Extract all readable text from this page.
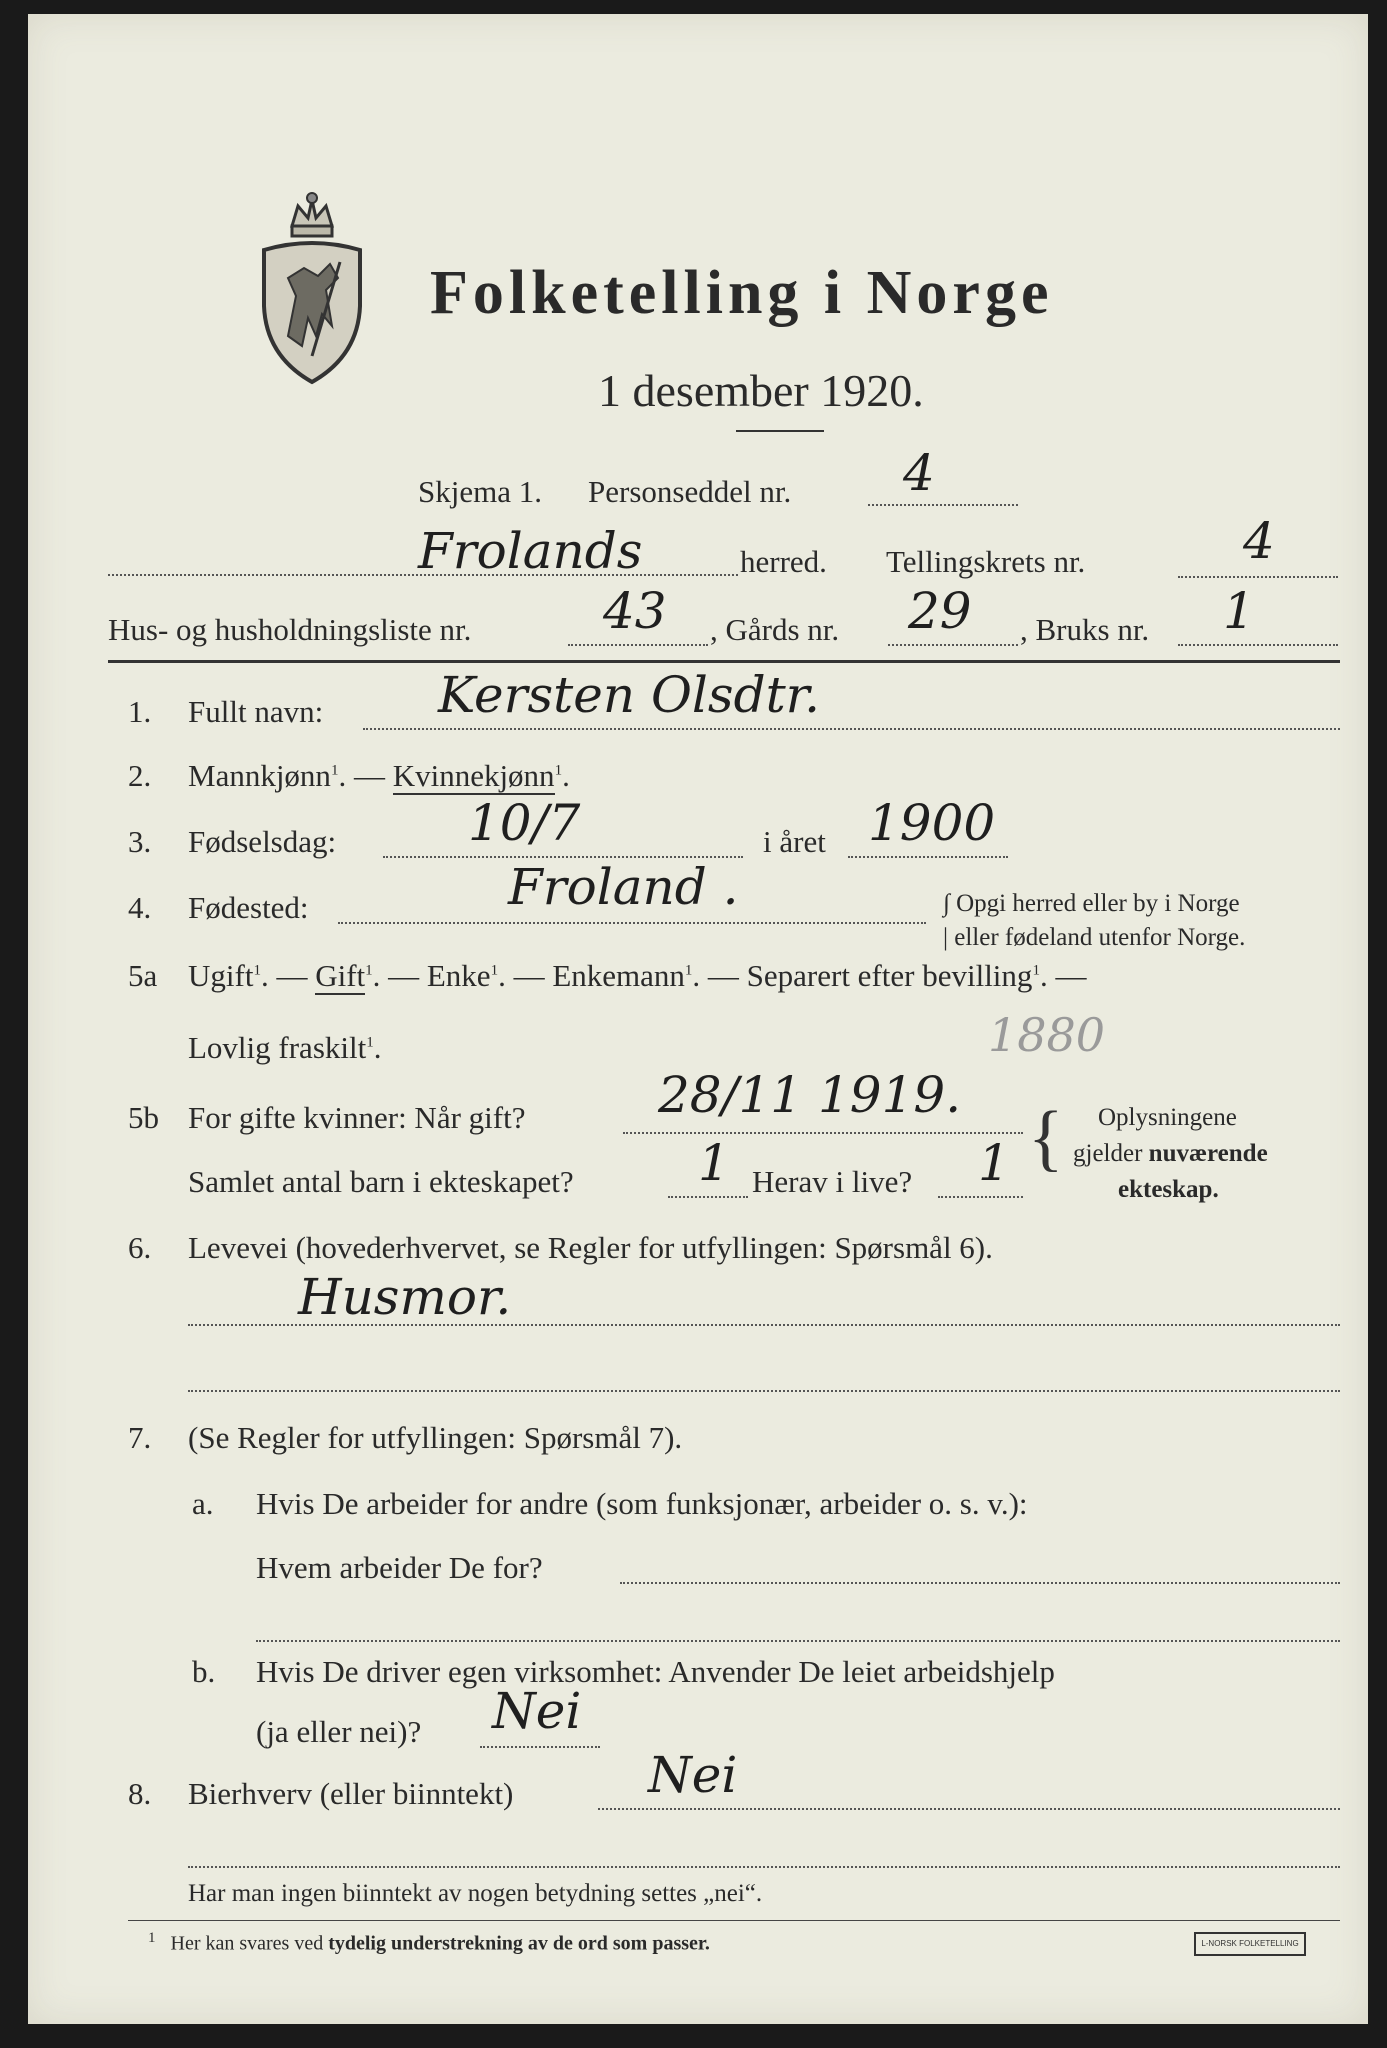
Folketelling i Norge
1 desember 1920.
Skjema 1. Personseddel nr. 4
Frolands	herred. Tellingskrets nr.	4
Hus- og husholdningsliste nr.	43 , Gårds nr. 29 , Bruks nr. 1
1. Fullt navn: Kersten Olsdtr.
2. Mannkjønn$^1$. — Kvinnekjønn$^1$.
3. Fødselsdag:	10/7	i året 1900
4. Fødested:	Froland .	∫ Opgi herred eller by i Norge
| eller fødeland utenfor Norge.
5a Ugift$^1$. — Gift$^1$. — Enke$^1$. — Enkemann$^1$. — Separert efter bevilling$^1$. —
Lovlig fraskilt$^1$.	1880
5b For gifte kvinner: Når gift?	28/11 1919.
Samlet antal barn i ekteskapet? 1 Herav i live? 1 { Oplysningene
gjelder nuværende
ekteskap.
6. Levevei (hovederhvervet, se Regler for utfyllingen: Spørsmål 6).
Husmor.
7. (Se Regler for utfyllingen: Spørsmål 7).
a. Hvis De arbeider for andre (som funksjonær, arbeider o. s. v.):
Hvem arbeider De for?
b. Hvis De driver egen virksomhet: Anvender De leiet arbeidshjelp
(ja eller nei)? Nei
8. Bierhverv (eller biinntekt)	Nei
Har man ingen biinntekt av nogen betydning settes „nei“.
$^1$ Her kan svares ved tydelig understrekning av de ord som passer.	L-NORSK FOLKETELLING
